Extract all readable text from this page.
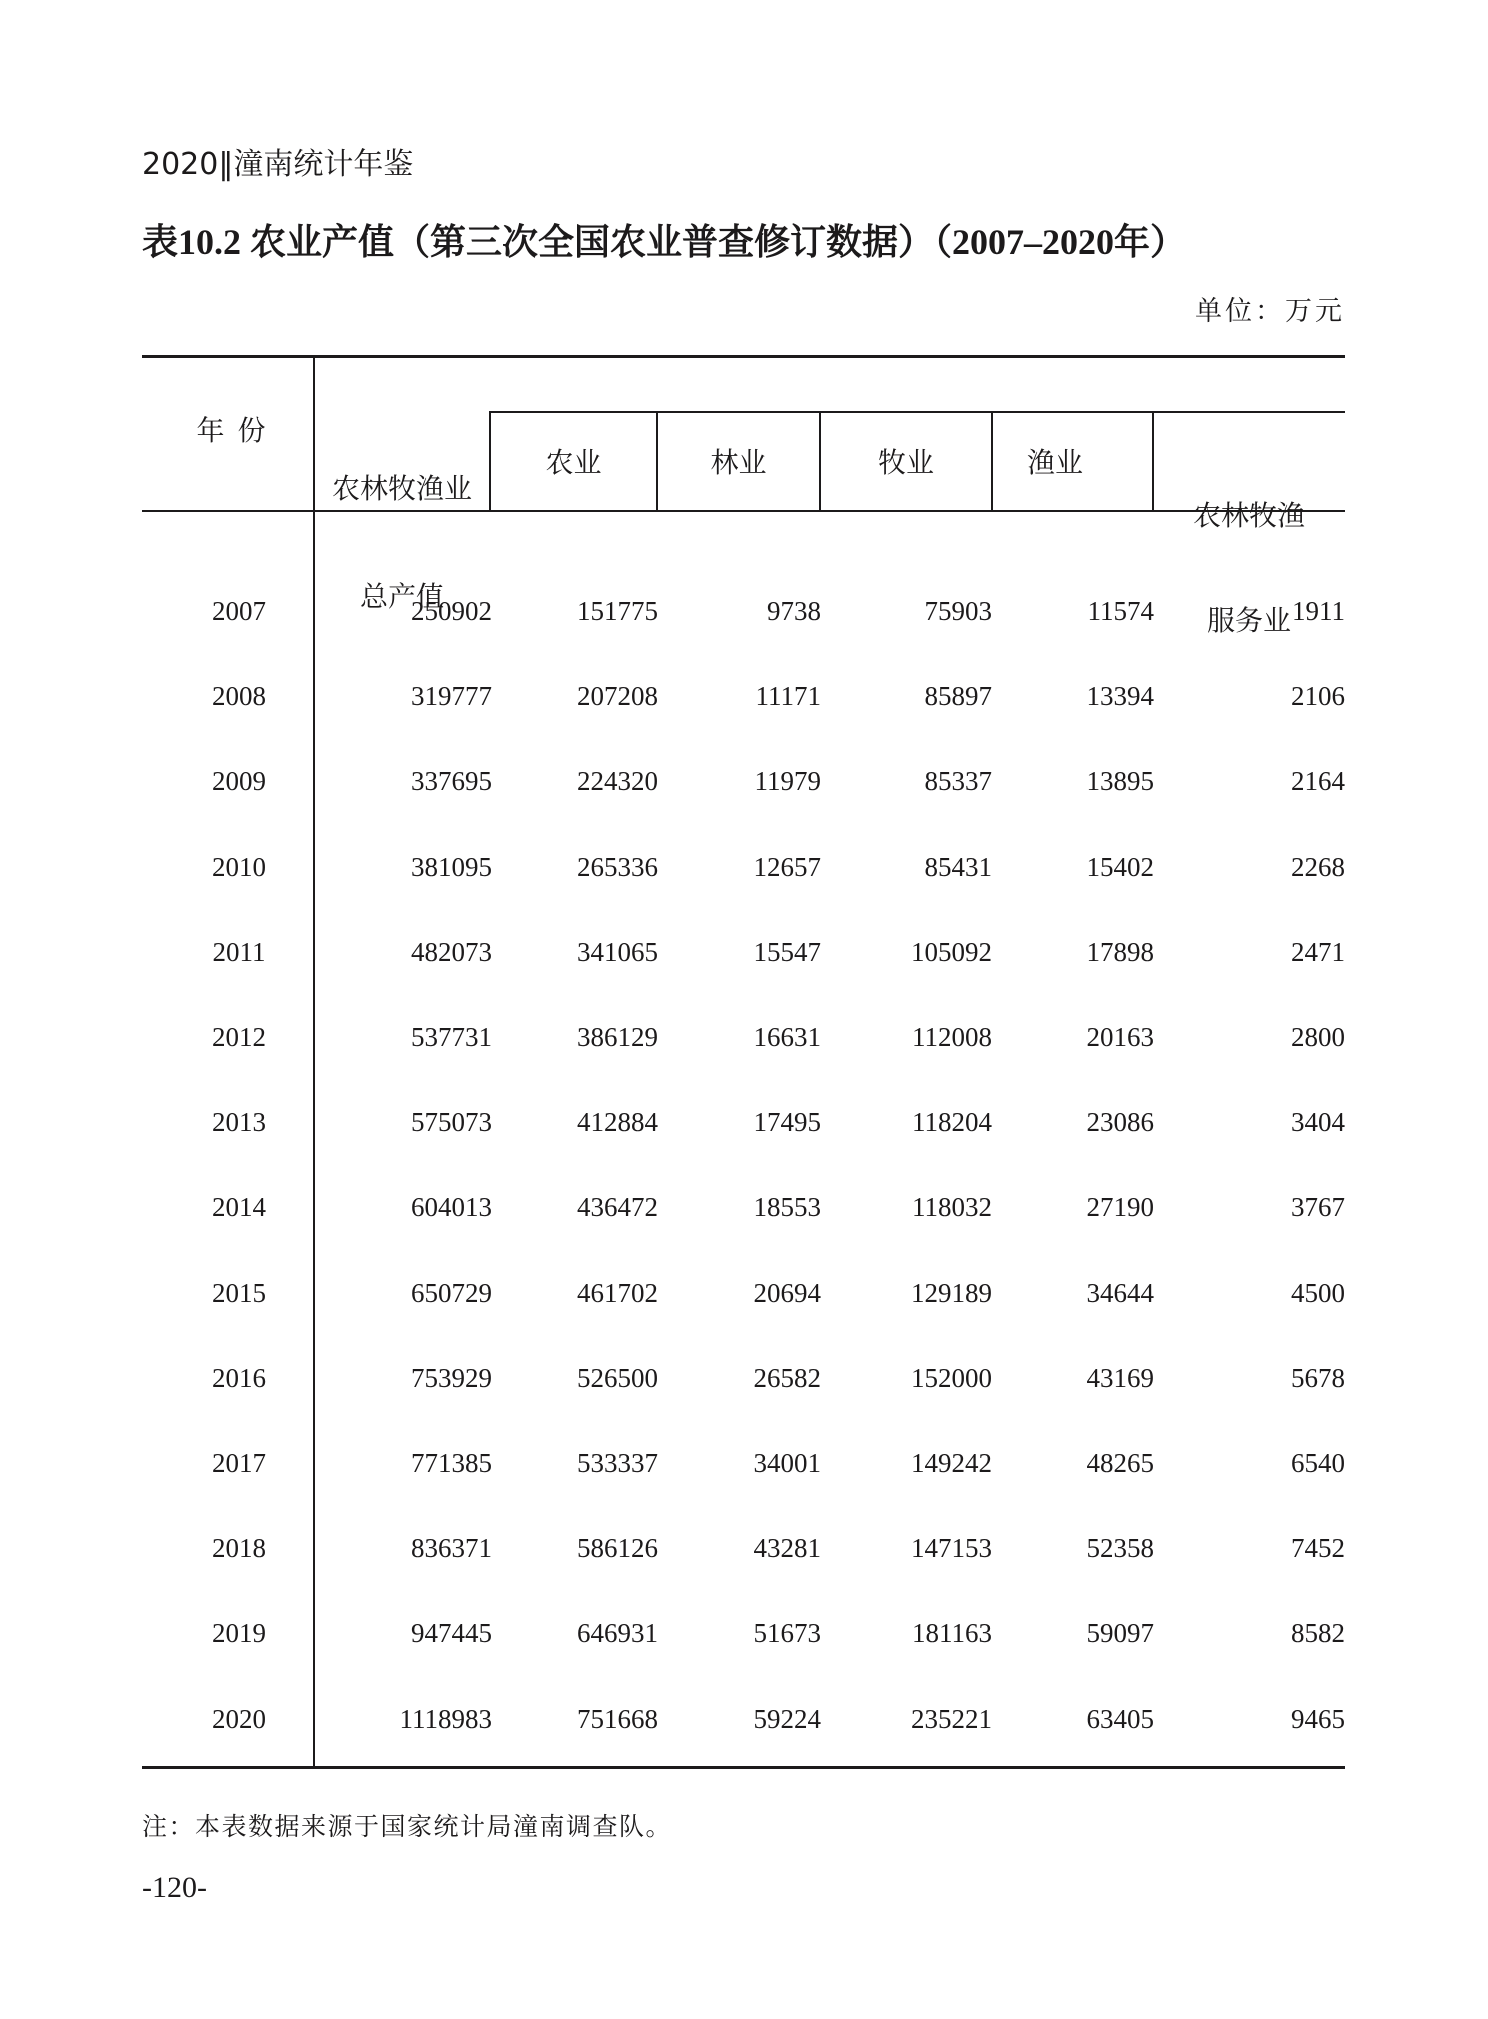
2020‖潼南统计年鉴
表10.2 农业产值（第三次全国农业普查修订数据）（2007–2020年）
单位：万元
年 份

农林牧渔业

总产值

农业	林业	牧业	渔业

农林牧渔

服务业

2007	250902	151775	9738	75903	11574	1911
2008	319777	207208	11171	85897	13394	2106
2009	337695	224320	11979	85337	13895	2164
2010	381095	265336	12657	85431	15402	2268
2011	482073	341065	15547	105092	17898	2471
2012	537731	386129	16631	112008	20163	2800
2013	575073	412884	17495	118204	23086	3404
2014	604013	436472	18553	118032	27190	3767
2015	650729	461702	20694	129189	34644	4500
2016	753929	526500	26582	152000	43169	5678
2017	771385	533337	34001	149242	48265	6540
2018	836371	586126	43281	147153	52358	7452
2019	947445	646931	51673	181163	59097	8582
2020	1118983	751668	59224	235221	63405	9465
注：本表数据来源于国家统计局潼南调查队。
-120-
